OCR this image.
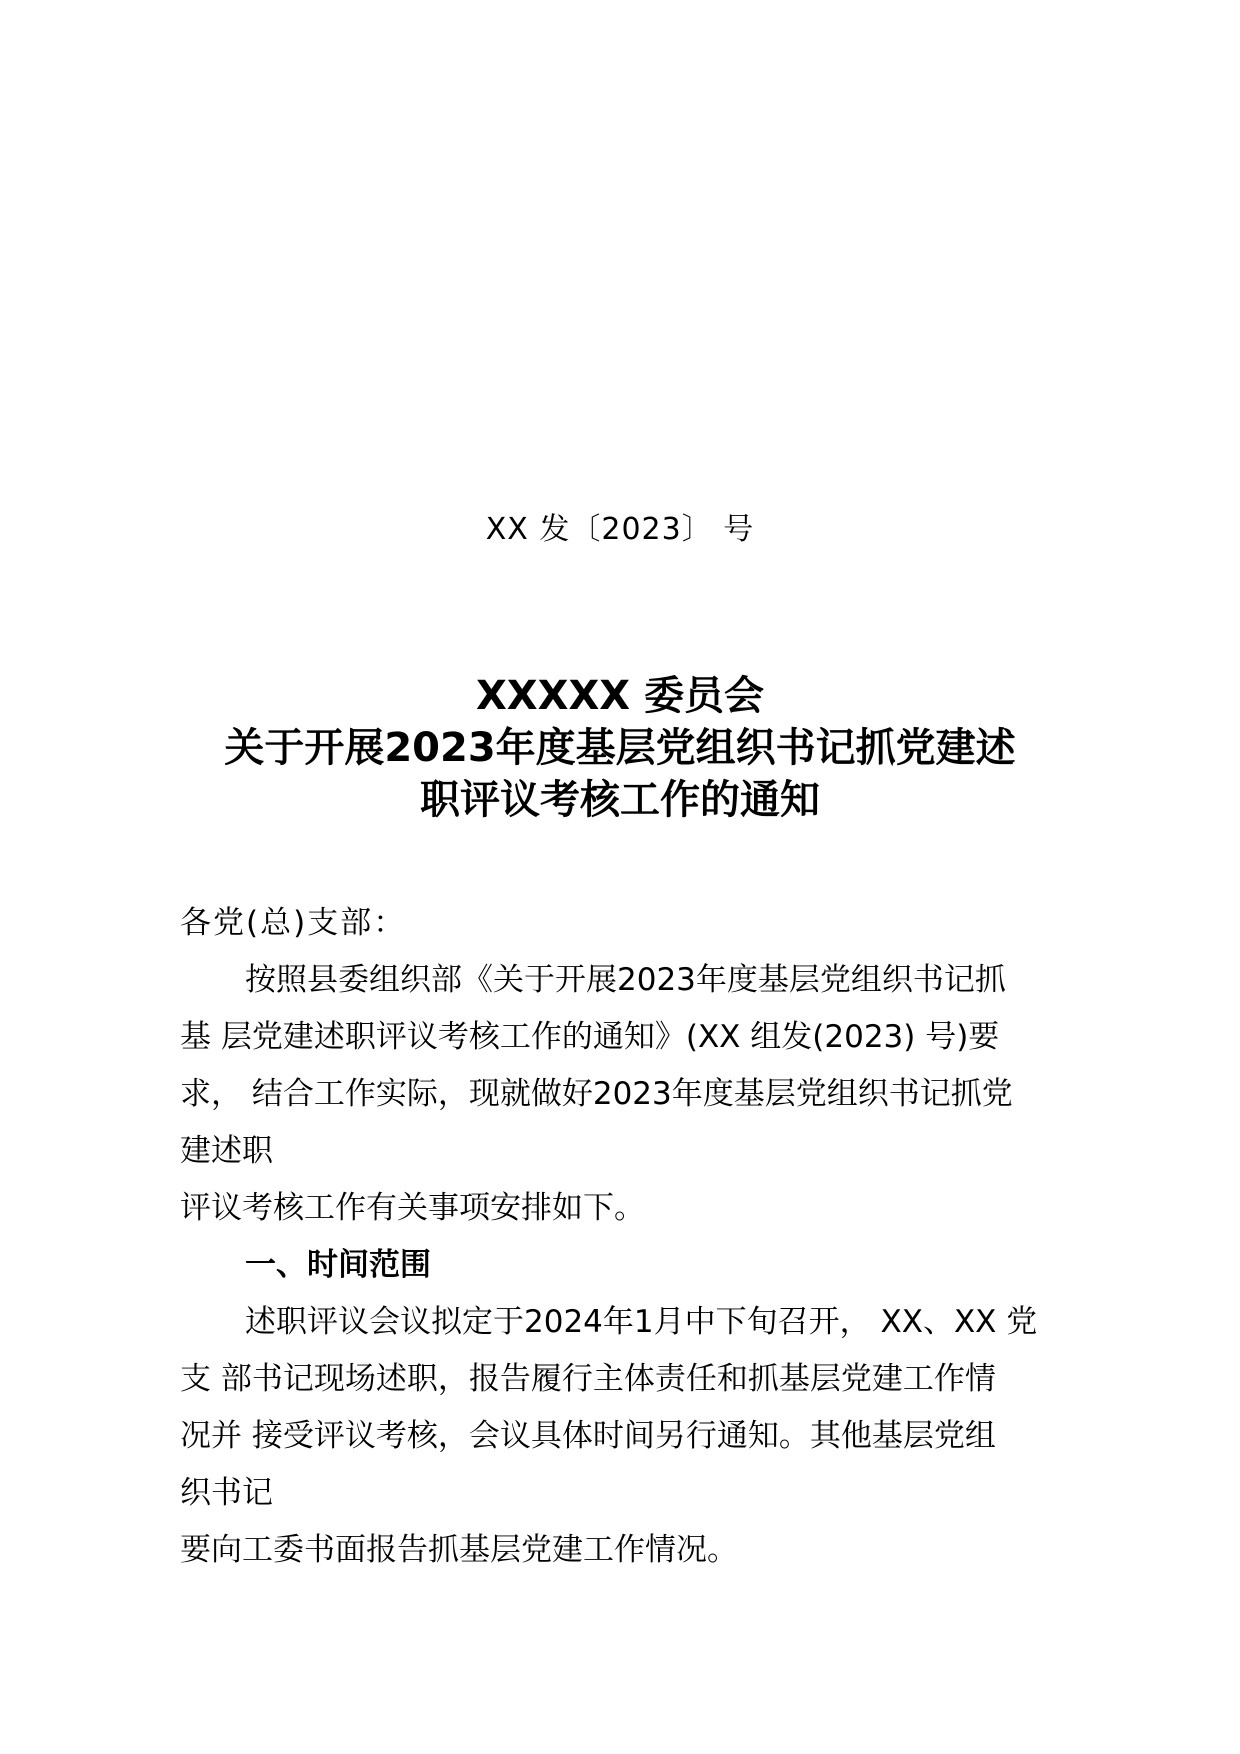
XX 发〔2023〕 号
XXXXX 委员会
关于开展2023年度基层党组织书记抓党建述
职评议考核工作的通知
各党(总)支部：
按照县委组织部《关于开展2023年度基层党组织书记抓
基 层党建述职评议考核工作的通知》(XX 组发(2023) 号)要
求， 结合工作实际，现就做好2023年度基层党组织书记抓党
建述职
评议考核工作有关事项安排如下。
一、时间范围
述职评议会议拟定于2024年1月中下旬召开， XX、XX 党
支 部书记现场述职，报告履行主体责任和抓基层党建工作情
况并 接受评议考核，会议具体时间另行通知。其他基层党组
织书记
要向工委书面报告抓基层党建工作情况。
